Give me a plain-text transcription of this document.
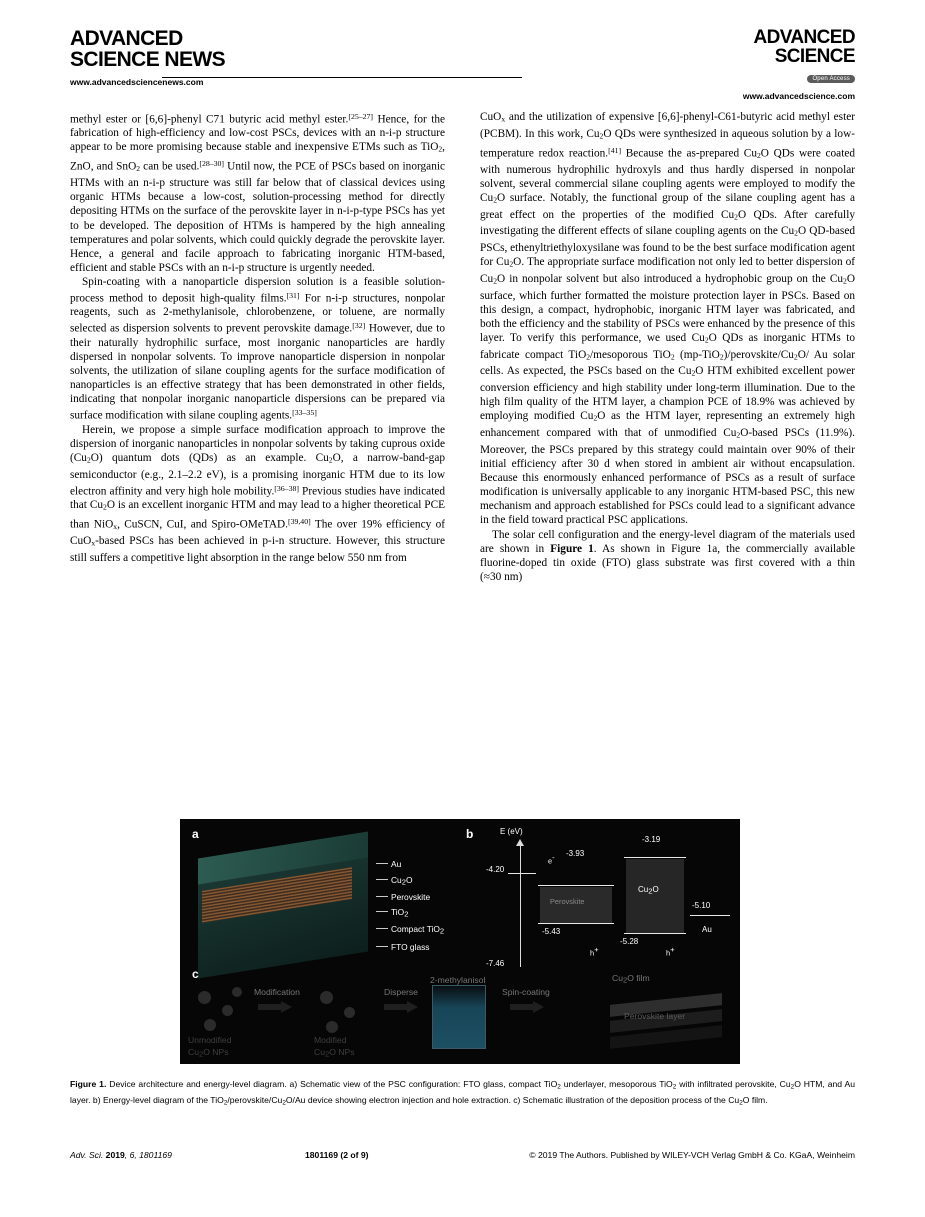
ADVANCED
SCIENCE NEWS
www.advancedsciencenews.com
ADVANCED
SCIENCE
Open Access
www.advancedscience.com

methyl ester or [6,6]-phenyl C71 butyric acid methyl ester.[25–27] Hence, for the fabrication of high-efficiency and low-cost PSCs, devices with an n-i-p structure appear to be more promising because stable and inexpensive ETMs such as TiO$_2$, ZnO, and SnO$_2$ can be used.[28–30] Until now, the PCE of PSCs based on inorganic HTMs with an n-i-p structure was still far below that of classical devices using organic HTMs because a low-cost, solution-processing method for directly depositing HTMs on the surface of the perovskite layer in n-i-p-type PSCs has yet to be developed. The deposition of HTMs is hampered by the high annealing temperatures and polar solvents, which could quickly degrade the perovskite layer. Hence, a general and facile approach to fabricating inorganic HTM-based, efficient and stable PSCs with an n-i-p structure is urgently needed.

Spin-coating with a nanoparticle dispersion solution is a feasible solution-process method to deposit high-quality films.[31] For n-i-p structures, nonpolar reagents, such as 2-methylanisole, chlorobenzene, or toluene, are normally selected as dispersion solvents to prevent perovskite damage.[32] However, due to their naturally hydrophilic surface, most inorganic nanoparticles are hardly dispersed in nonpolar solvents. To improve nanoparticle dispersion in nonpolar solvents, the utilization of silane coupling agents for the surface modification of nanoparticles is an effective strategy that has been demonstrated in other fields, indicating that nonpolar inorganic nanoparticle dispersions can be prepared via surface modification with silane coupling agents.[33–35]

Herein, we propose a simple surface modification approach to improve the dispersion of inorganic nanoparticles in nonpolar solvents by taking cuprous oxide $(Cu_2O)$ quantum dots (QDs) as an example. $Cu_2O$, a narrow-band-gap semiconductor (e.g., 2.1–2.2 eV), is a promising inorganic HTM due to its low electron affinity and very high hole mobility.[36–38] Previous studies have indicated that $Cu_2O$ is an excellent inorganic HTM and may lead to a higher theoretical PCE than NiO$_x$, CuSCN, CuI, and Spiro-OMeTAD.[39,40] The over 19% efficiency of CuO$_x$-based PSCs has been achieved in p-i-n structure. However, this structure still suffers a competitive light absorption in the range below 550 nm from

CuO$_x$ and the utilization of expensive [6,6]-phenyl-C61-butyric acid methyl ester (PCBM). In this work, $Cu_2O$ QDs were synthesized in aqueous solution by a low-temperature redox reaction.[41] Because the as-prepared $Cu_2O$ QDs were coated with numerous hydrophilic hydroxyls and thus hardly dispersed in nonpolar solvent, several commercial silane coupling agents were employed to modify the $Cu_2O$ surface. Notably, the functional group of the silane coupling agent has a great effect on the properties of the modified $Cu_2O$ QDs. After carefully investigating the different effects of silane coupling agents on the $Cu_2O$ QD-based PSCs, ethenyltriethyloxysilane was found to be the best surface modification agent for $Cu_2O$. The appropriate surface modification not only led to better dispersion of $Cu_2O$ in nonpolar solvent but also introduced a hydrophobic group on the $Cu_2O$ surface, which further formatted the moisture protection layer in PSCs. Based on this design, a compact, hydrophobic, inorganic HTM layer was fabricated, and both the efficiency and the stability of PSCs were enhanced by the presence of this layer. To verify this performance, we used $Cu_2O$ QDs as inorganic HTMs to fabricate compact TiO$_2$/mesoporous TiO$_2$ $(mp-TiO_2)/perovskite/Cu_2O/$ Au solar cells. As expected, the PSCs based on the $Cu_2O$ HTM exhibited excellent power conversion efficiency and high stability under long-term illumination. Due to the high film quality of the HTM layer, a champion PCE of 18.9% was achieved by employing modified $Cu_2O$ as the HTM layer, representing an extremely high enhancement compared with that of unmodified $Cu_2O$-based PSCs (11.9%). Moreover, the PSCs prepared by this strategy could maintain over 90% of their initial efficiency after 30 d when stored in ambient air without encapsulation. Because this enormously enhanced performance of PSCs as a result of surface modification is universally applicable to any inorganic HTM-based PSC, this new mechanism and approach established for PSCs could lead to a significant advance in the field toward practical PSC applications.

The solar cell configuration and the energy-level diagram of the materials used are shown in Figure 1. As shown in Figure 1a, the commercially available fluorine-doped tin oxide (FTO) glass substrate was first covered with a thin (≈30 nm)

a
Au
$Cu_2O$
Perovskite
TiO$_2$
Compact TiO$_2$
FTO glass
b	E (eV)
Perovskite
$Cu_2O$
Au
-4.20
-3.93
-3.19
-5.10
-5.43
-5.28
-7.46
e-
h+	h+
c
Unmodified
$Cu_2O$ NPs
Modification
Modified
$Cu_2O$ NPs
Disperse
2-methylanisol
Spin-coating
$Cu_2O$ film
Perovskite layer
Figure 1. Device architecture and energy-level diagram. a) Schematic view of the PSC configuration: FTO glass, compact TiO$_2$ underlayer, mesoporous TiO$_2$ with infiltrated perovskite, $Cu_2O$ HTM, and Au layer. b) Energy-level diagram of the $TiO_2/perovskite/Cu_2O/Au$ device showing electron injection and hole extraction. c) Schematic illustration of the deposition process of the $Cu_2O$ film.
Adv. Sci. 2019, 6, 1801169	1801169 (2 of 9)	© 2019 The Authors. Published by WILEY-VCH Verlag GmbH & Co. KGaA, Weinheim
